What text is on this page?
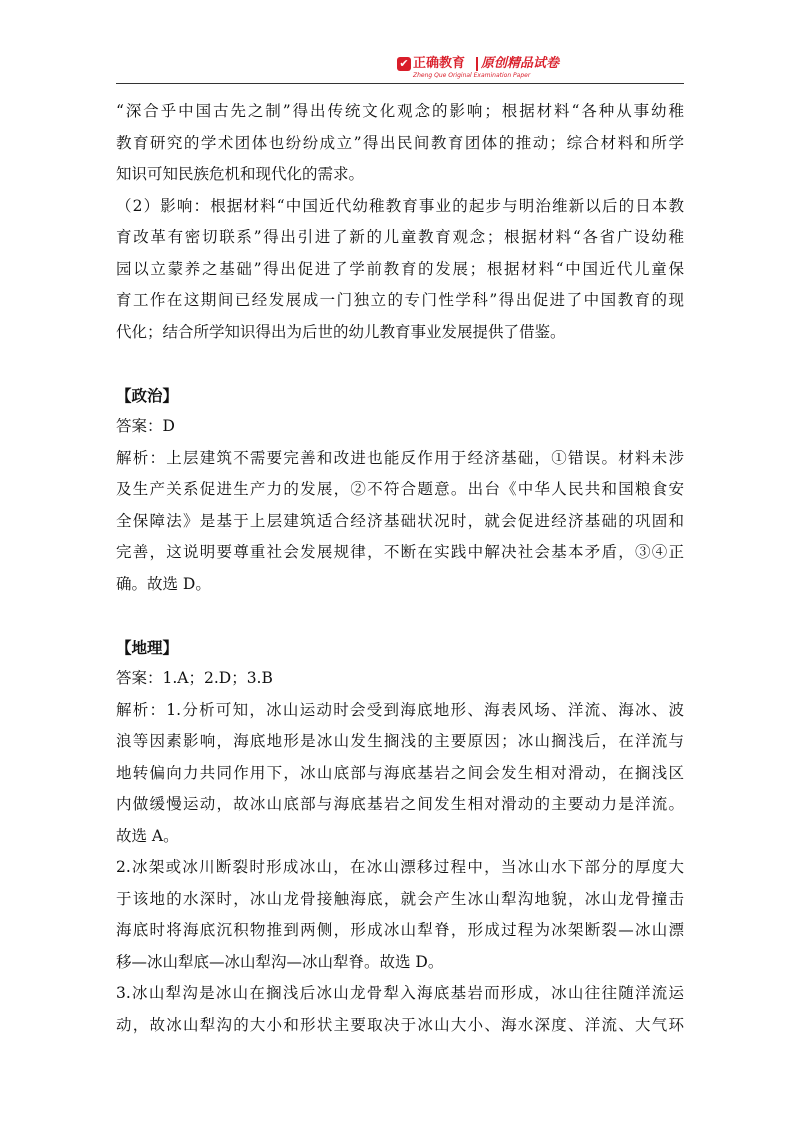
✔ 正确教育 原创精品试卷
Zheng Que Original Examination Paper
“深合乎中国古先之制”得出传统文化观念的影响；根据材料“各种从事幼稚
教育研究的学术团体也纷纷成立”得出民间教育团体的推动；综合材料和所学
知识可知民族危机和现代化的需求。
（2）影响：根据材料“中国近代幼稚教育事业的起步与明治维新以后的日本教
育改革有密切联系”得出引进了新的儿童教育观念；根据材料“各省广设幼稚
园以立蒙养之基础”得出促进了学前教育的发展；根据材料“中国近代儿童保
育工作在这期间已经发展成一门独立的专门性学科”得出促进了中国教育的现
代化；结合所学知识得出为后世的幼儿教育事业发展提供了借鉴。
【政治】
答案：D
解析：上层建筑不需要完善和改进也能反作用于经济基础，①错误。材料未涉
及生产关系促进生产力的发展，②不符合题意。出台《中华人民共和国粮食安
全保障法》是基于上层建筑适合经济基础状况时，就会促进经济基础的巩固和
完善，这说明要尊重社会发展规律，不断在实践中解决社会基本矛盾，③④正
确。故选 D。
【地理】
答案：1.A；2.D；3.B
解析：1.分析可知，冰山运动时会受到海底地形、海表风场、洋流、海冰、波
浪等因素影响，海底地形是冰山发生搁浅的主要原因；冰山搁浅后，在洋流与
地转偏向力共同作用下，冰山底部与海底基岩之间会发生相对滑动，在搁浅区
内做缓慢运动，故冰山底部与海底基岩之间发生相对滑动的主要动力是洋流。
故选 A。
2.冰架或冰川断裂时形成冰山，在冰山漂移过程中，当冰山水下部分的厚度大
于该地的水深时，冰山龙骨接触海底，就会产生冰山犁沟地貌，冰山龙骨撞击
海底时将海底沉积物推到两侧，形成冰山犁脊，形成过程为冰架断裂—冰山漂
移—冰山犁底—冰山犁沟—冰山犁脊。故选 D。
3.冰山犁沟是冰山在搁浅后冰山龙骨犁入海底基岩而形成，冰山往往随洋流运
动，故冰山犁沟的大小和形状主要取决于冰山大小、海水深度、洋流、大气环
